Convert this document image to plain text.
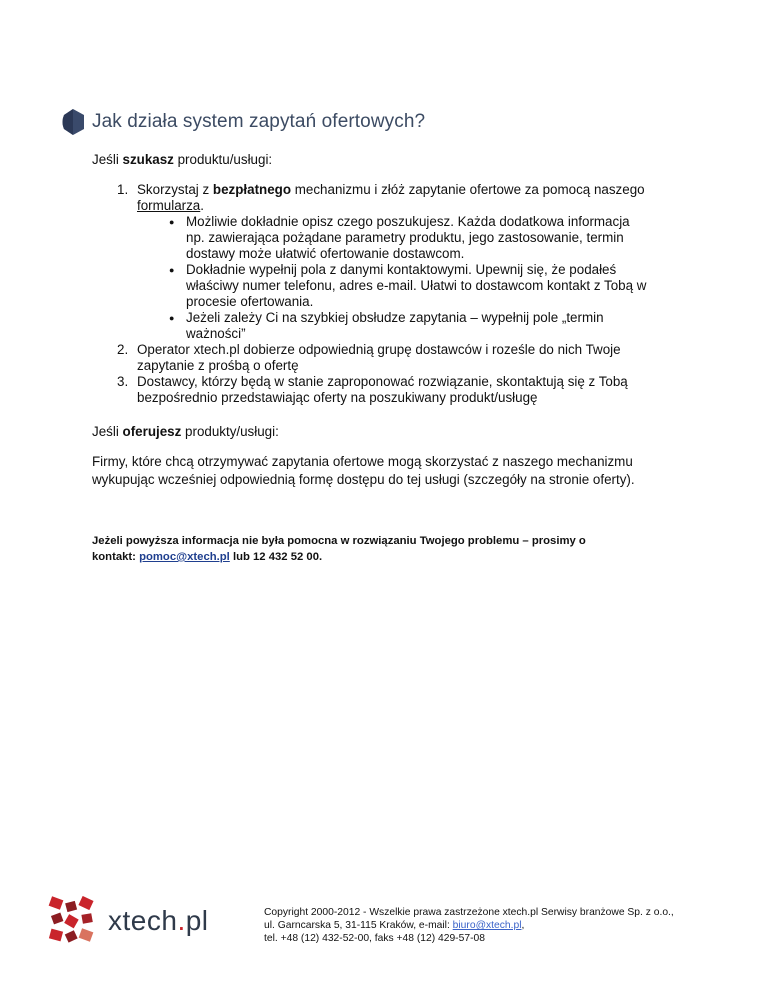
Jak działa system zapytań ofertowych?
Jeśli szukasz produktu/usługi:
1. Skorzystaj z bezpłatnego mechanizmu i złóż zapytanie ofertowe za pomocą naszego
formularza.
● Możliwie dokładnie opisz czego poszukujesz. Każda dodatkowa informacja
np. zawierająca pożądane parametry produktu, jego zastosowanie, termin
dostawy może ułatwić ofertowanie dostawcom.
● Dokładnie wypełnij pola z danymi kontaktowymi. Upewnij się, że podałeś
właściwy numer telefonu, adres e-mail. Ułatwi to dostawcom kontakt z Tobą w
procesie ofertowania.
● Jeżeli zależy Ci na szybkiej obsłudze zapytania – wypełnij pole „termin
ważności”
2. Operator xtech.pl dobierze odpowiednią grupę dostawców i roześle do nich Twoje
zapytanie z prośbą o ofertę
3. Dostawcy, którzy będą w stanie zaproponować rozwiązanie, skontaktują się z Tobą
bezpośrednio przedstawiając oferty na poszukiwany produkt/usługę
Jeśli oferujesz produkty/usługi:
Firmy, które chcą otrzymywać zapytania ofertowe mogą skorzystać z naszego mechanizmu
wykupując wcześniej odpowiednią formę dostępu do tej usługi (szczegóły na stronie oferty).
Jeżeli powyższa informacja nie była pomocna w rozwiązaniu Twojego problemu – prosimy o
kontakt: pomoc@xtech.pl lub 12 432 52 00.
xtech.pl	Copyright 2000-2012 - Wszelkie prawa zastrzeżone xtech.pl Serwisy branżowe Sp. z o.o.,
ul. Garncarska 5, 31-115 Kraków, e-mail: biuro@xtech.pl,
tel. +48 (12) 432-52-00, faks +48 (12) 429-57-08
